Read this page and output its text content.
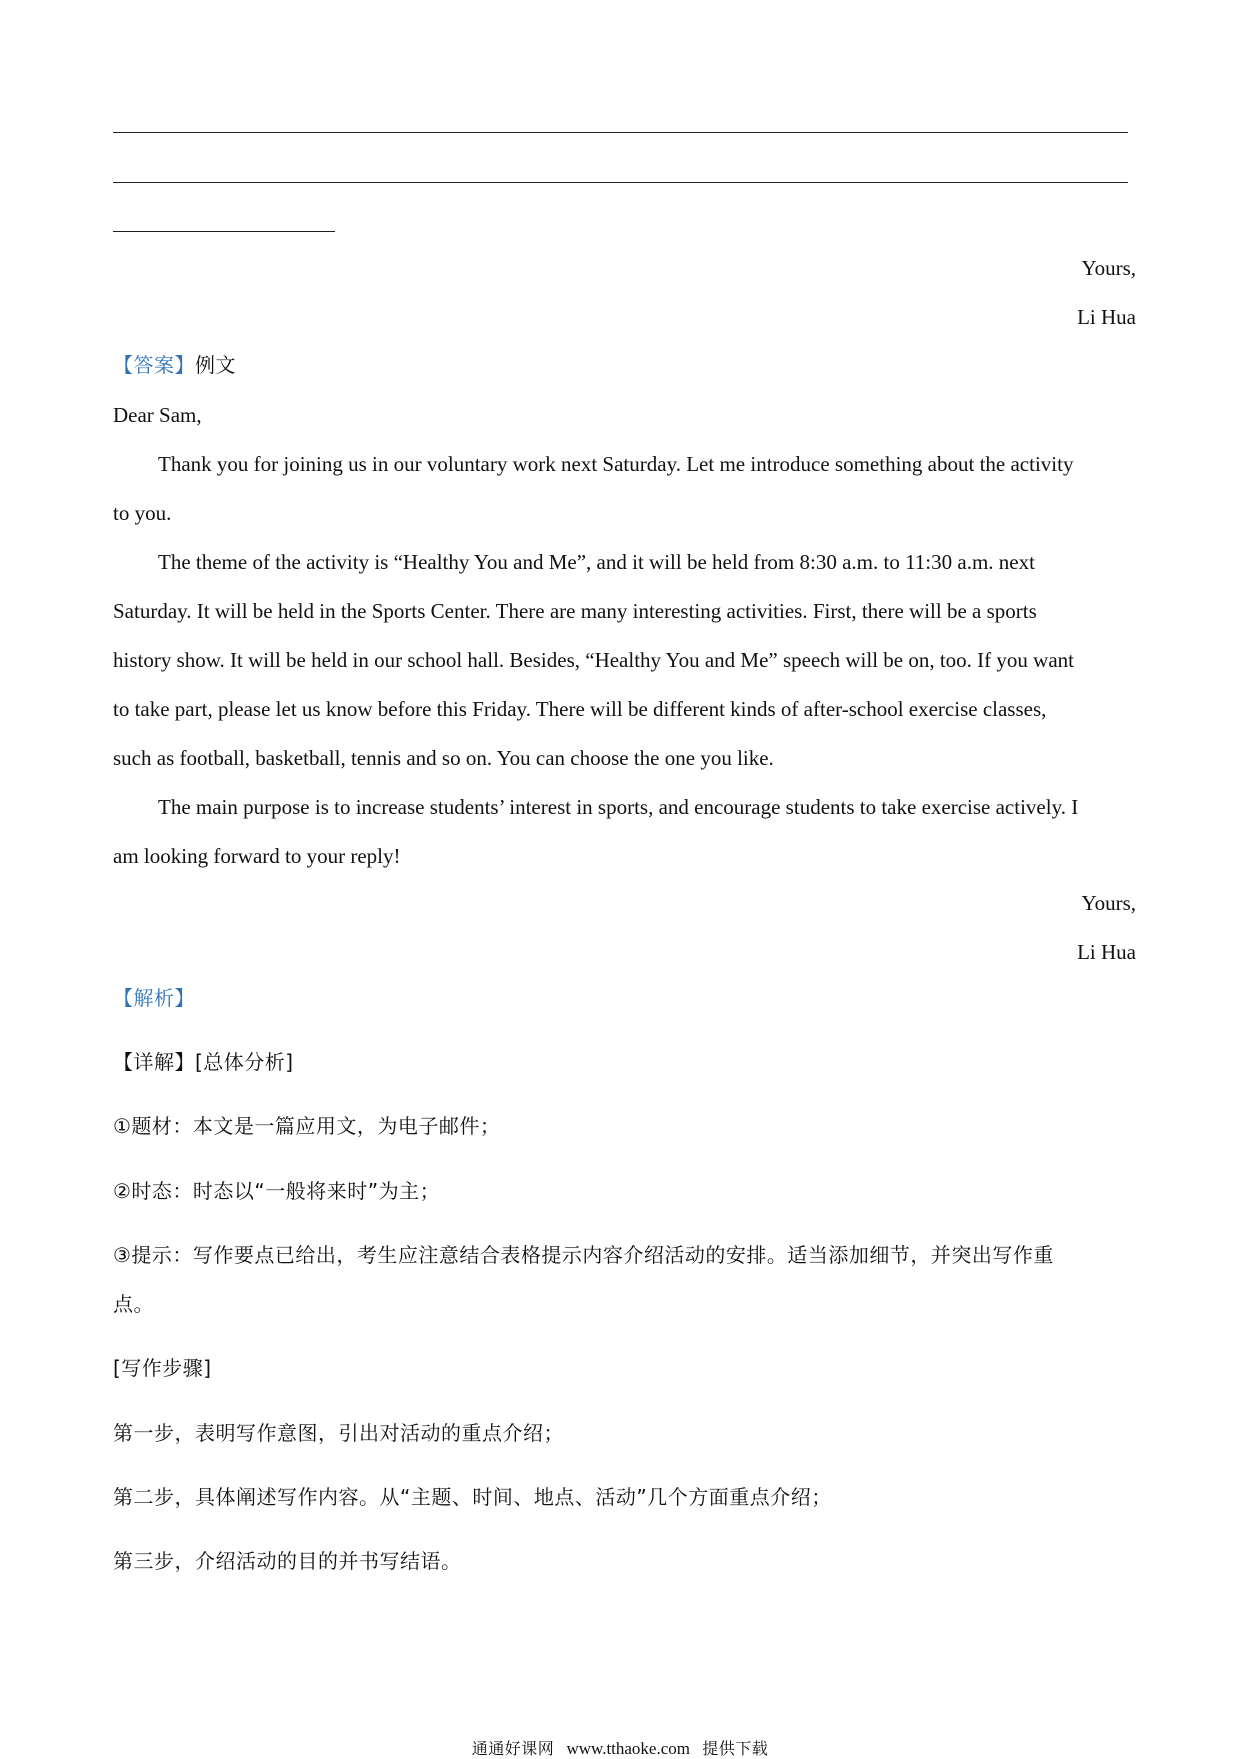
Yours,
Li Hua
【答案】例文
Dear Sam,
Thank you for joining us in our voluntary work next Saturday. Let me introduce something about the activity
to you.
The theme of the activity is “Healthy You and Me”, and it will be held from 8:30 a.m. to 11:30 a.m. next
Saturday. It will be held in the Sports Center. There are many interesting activities. First, there will be a sports
history show. It will be held in our school hall. Besides, “Healthy You and Me” speech will be on, too. If you want
to take part, please let us know before this Friday. There will be different kinds of after-school exercise classes,
such as football, basketball, tennis and so on. You can choose the one you like.
The main purpose is to increase students’ interest in sports, and encourage students to take exercise actively. I
am looking forward to your reply!
Yours,
Li Hua
【解析】
【详解】[总体分析]
①题材：本文是一篇应用文，为电子邮件；
②时态：时态以“一般将来时”为主；
③提示：写作要点已给出，考生应注意结合表格提示内容介绍活动的安排。适当添加细节，并突出写作重
点。
[写作步骤]
第一步，表明写作意图，引出对活动的重点介绍；
第二步，具体阐述写作内容。从“主题、时间、地点、活动”几个方面重点介绍；
第三步，介绍活动的目的并书写结语。
通通好课网 www.tthaoke.com 提供下载
